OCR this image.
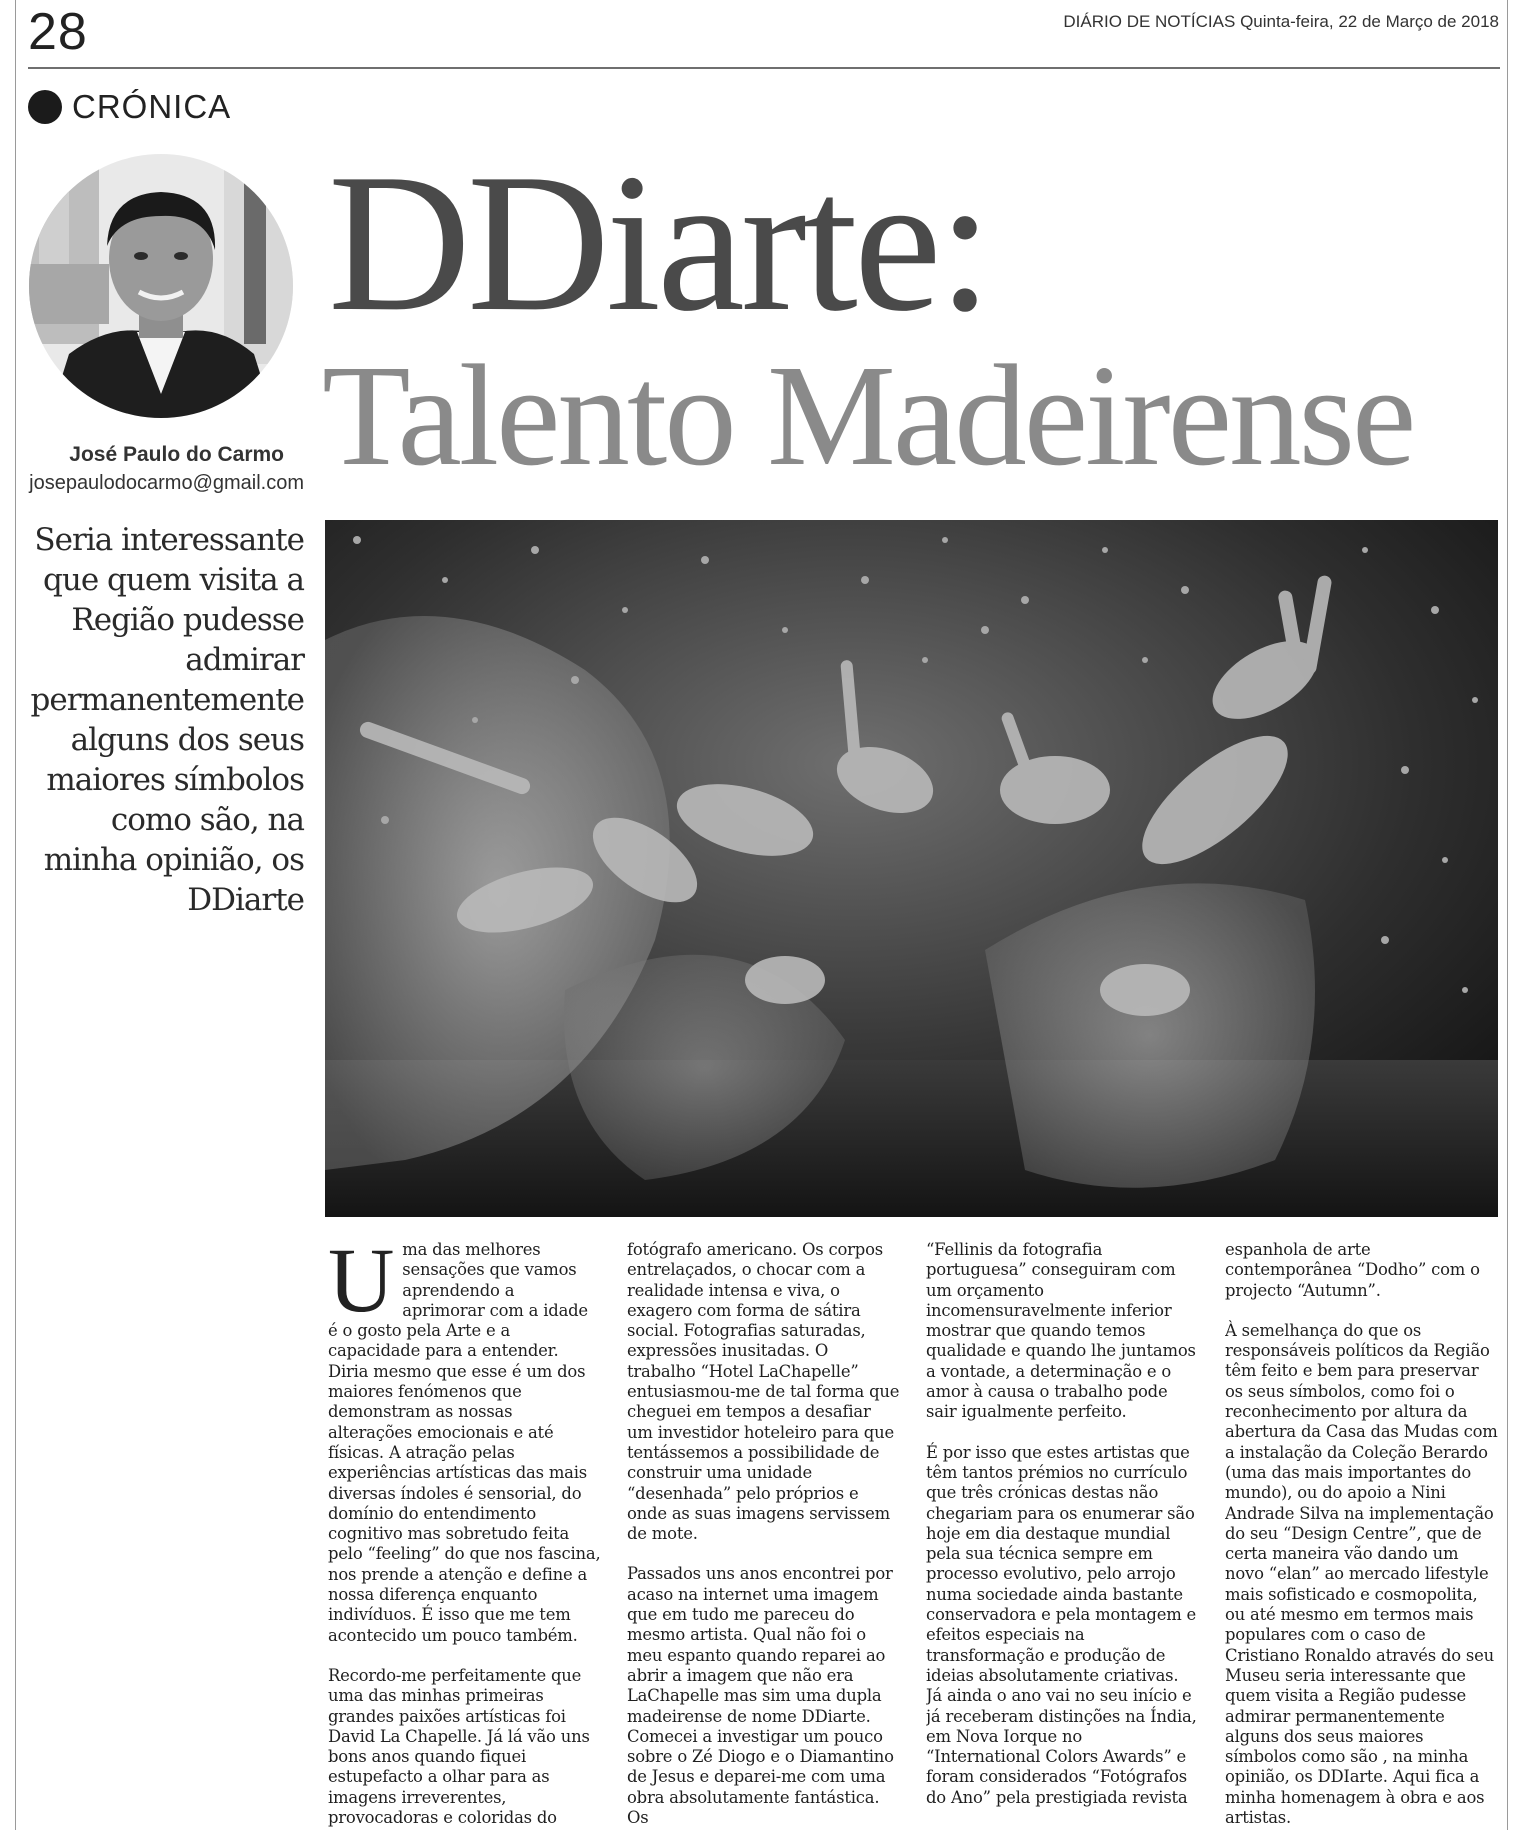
28	DIÁRIO DE NOTÍCIAS Quinta-feira, 22 de Março de 2018
CRÓNICA
José Paulo do Carmo
josepaulodocarmo@gmail.com
Seria interessante que quem visita a Região pudesse admirar permanentemente alguns dos seus maiores símbolos como são, na minha opinião, os DDiarte
DDiarte:
Talento Madeirense

Uma das melhores sensações que vamos aprendendo a aprimorar com a idade é o gosto pela Arte e a capacidade para a entender. Diria mesmo que esse é um dos maiores fenómenos que demonstram as nossas alterações emocionais e até físicas. A atração pelas experiências artísticas das mais diversas índoles é sensorial, do domínio do entendimento cognitivo mas sobretudo feita pelo “feeling” do que nos fascina, nos prende a atenção e define a nossa diferença enquanto indivíduos. É isso que me tem acontecido um pouco também.

Recordo-me perfeitamente que uma das minhas primeiras grandes paixões artísticas foi David La Chapelle. Já lá vão uns bons anos quando fiquei estupefacto a olhar para as imagens irreverentes, provocadoras e coloridas do

fotógrafo americano. Os corpos entrelaçados, o chocar com a realidade intensa e viva, o exagero com forma de sátira social. Fotografias saturadas, expressões inusitadas. O trabalho “Hotel LaChapelle” entusiasmou-me de tal forma que cheguei em tempos a desafiar um investidor hoteleiro para que tentássemos a possibilidade de construir uma unidade “desenhada” pelo próprios e onde as suas imagens servissem de mote.

Passados uns anos encontrei por acaso na internet uma imagem que em tudo me pareceu do mesmo artista. Qual não foi o meu espanto quando reparei ao abrir a imagem que não era LaChapelle mas sim uma dupla madeirense de nome DDiarte. Comecei a investigar um pouco sobre o Zé Diogo e o Diamantino de Jesus e deparei-me com uma obra absolutamente fantástica. Os

“Fellinis da fotografia portuguesa” conseguiram com um orçamento incomensuravelmente inferior mostrar que quando temos qualidade e quando lhe juntamos a vontade, a determinação e o amor à causa o trabalho pode sair igualmente perfeito.

É por isso que estes artistas que têm tantos prémios no currículo que três crónicas destas não chegariam para os enumerar são hoje em dia destaque mundial pela sua técnica sempre em processo evolutivo, pelo arrojo numa sociedade ainda bastante conservadora e pela montagem e efeitos especiais na transformação e produção de ideias absolutamente criativas. Já ainda o ano vai no seu início e já receberam distinções na Índia, em Nova Iorque no “International Colors Awards” e foram considerados “Fotógrafos do Ano” pela prestigiada revista

espanhola de arte contemporânea “Dodho” com o projecto “Autumn”.

À semelhança do que os responsáveis políticos da Região têm feito e bem para preservar os seus símbolos, como foi o reconhecimento por altura da abertura da Casa das Mudas com a instalação da Coleção Berardo (uma das mais importantes do mundo), ou do apoio a Nini Andrade Silva na implementação do seu “Design Centre”, que de certa maneira vão dando um novo “elan” ao mercado lifestyle mais sofisticado e cosmopolita, ou até mesmo em termos mais populares com o caso de Cristiano Ronaldo através do seu Museu seria interessante que quem visita a Região pudesse admirar permanentemente alguns dos seus maiores símbolos como são , na minha opinião, os DDIarte. Aqui fica a minha homenagem à obra e aos artistas.
